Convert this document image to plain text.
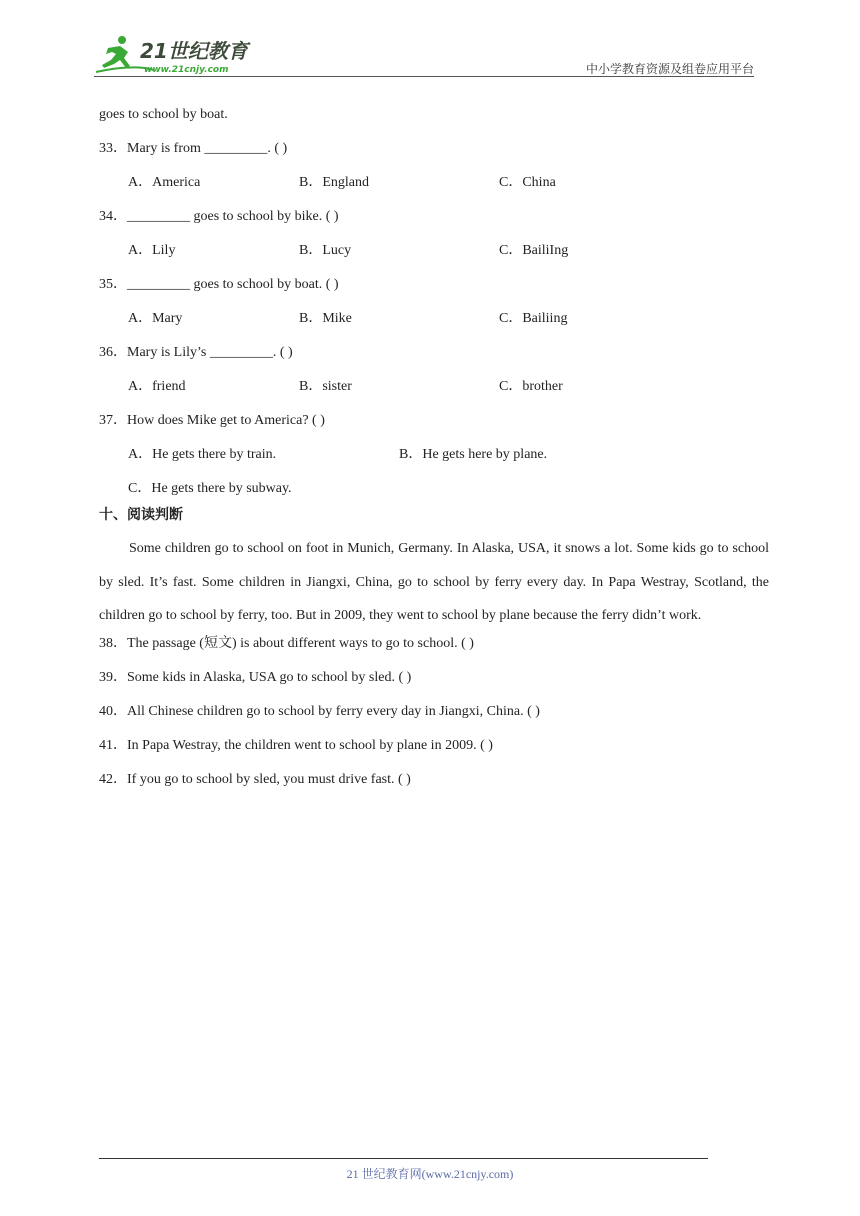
21世纪教育
www.21cnjy.com	中小学教育资源及组卷应用平台
goes to school by boat.
33．Mary is from _________. ( )
A．America	B．England	C．China
34．_________ goes to school by bike. ( )
A．Lily	B．Lucy	C．BailiIng
35．_________ goes to school by boat. ( )
A．Mary	B．Mike	C．Bailiing
36．Mary is Lily’s _________. ( )
A．friend	B．sister	C．brother
37．How does Mike get to America? ( )
A．He gets there by train.	B．He gets here by plane.
C．He gets there by subway.
十、阅读判断
Some children go to school on foot in Munich, Germany. In Alaska, USA, it snows a lot. Some kids go to school by sled. It’s fast. Some children in Jiangxi, China, go to school by ferry every day. In Papa Westray, Scotland, the children go to school by ferry, too. But in 2009, they went to school by plane because the ferry didn’t work.
38．The passage (短文) is about different ways to go to school. ( )
39．Some kids in Alaska, USA go to school by sled. ( )
40．All Chinese children go to school by ferry every day in Jiangxi, China. ( )
41．In Papa Westray, the children went to school by plane in 2009. ( )
42．If you go to school by sled, you must drive fast. ( )
21 世纪教育网(www.21cnjy.com)
